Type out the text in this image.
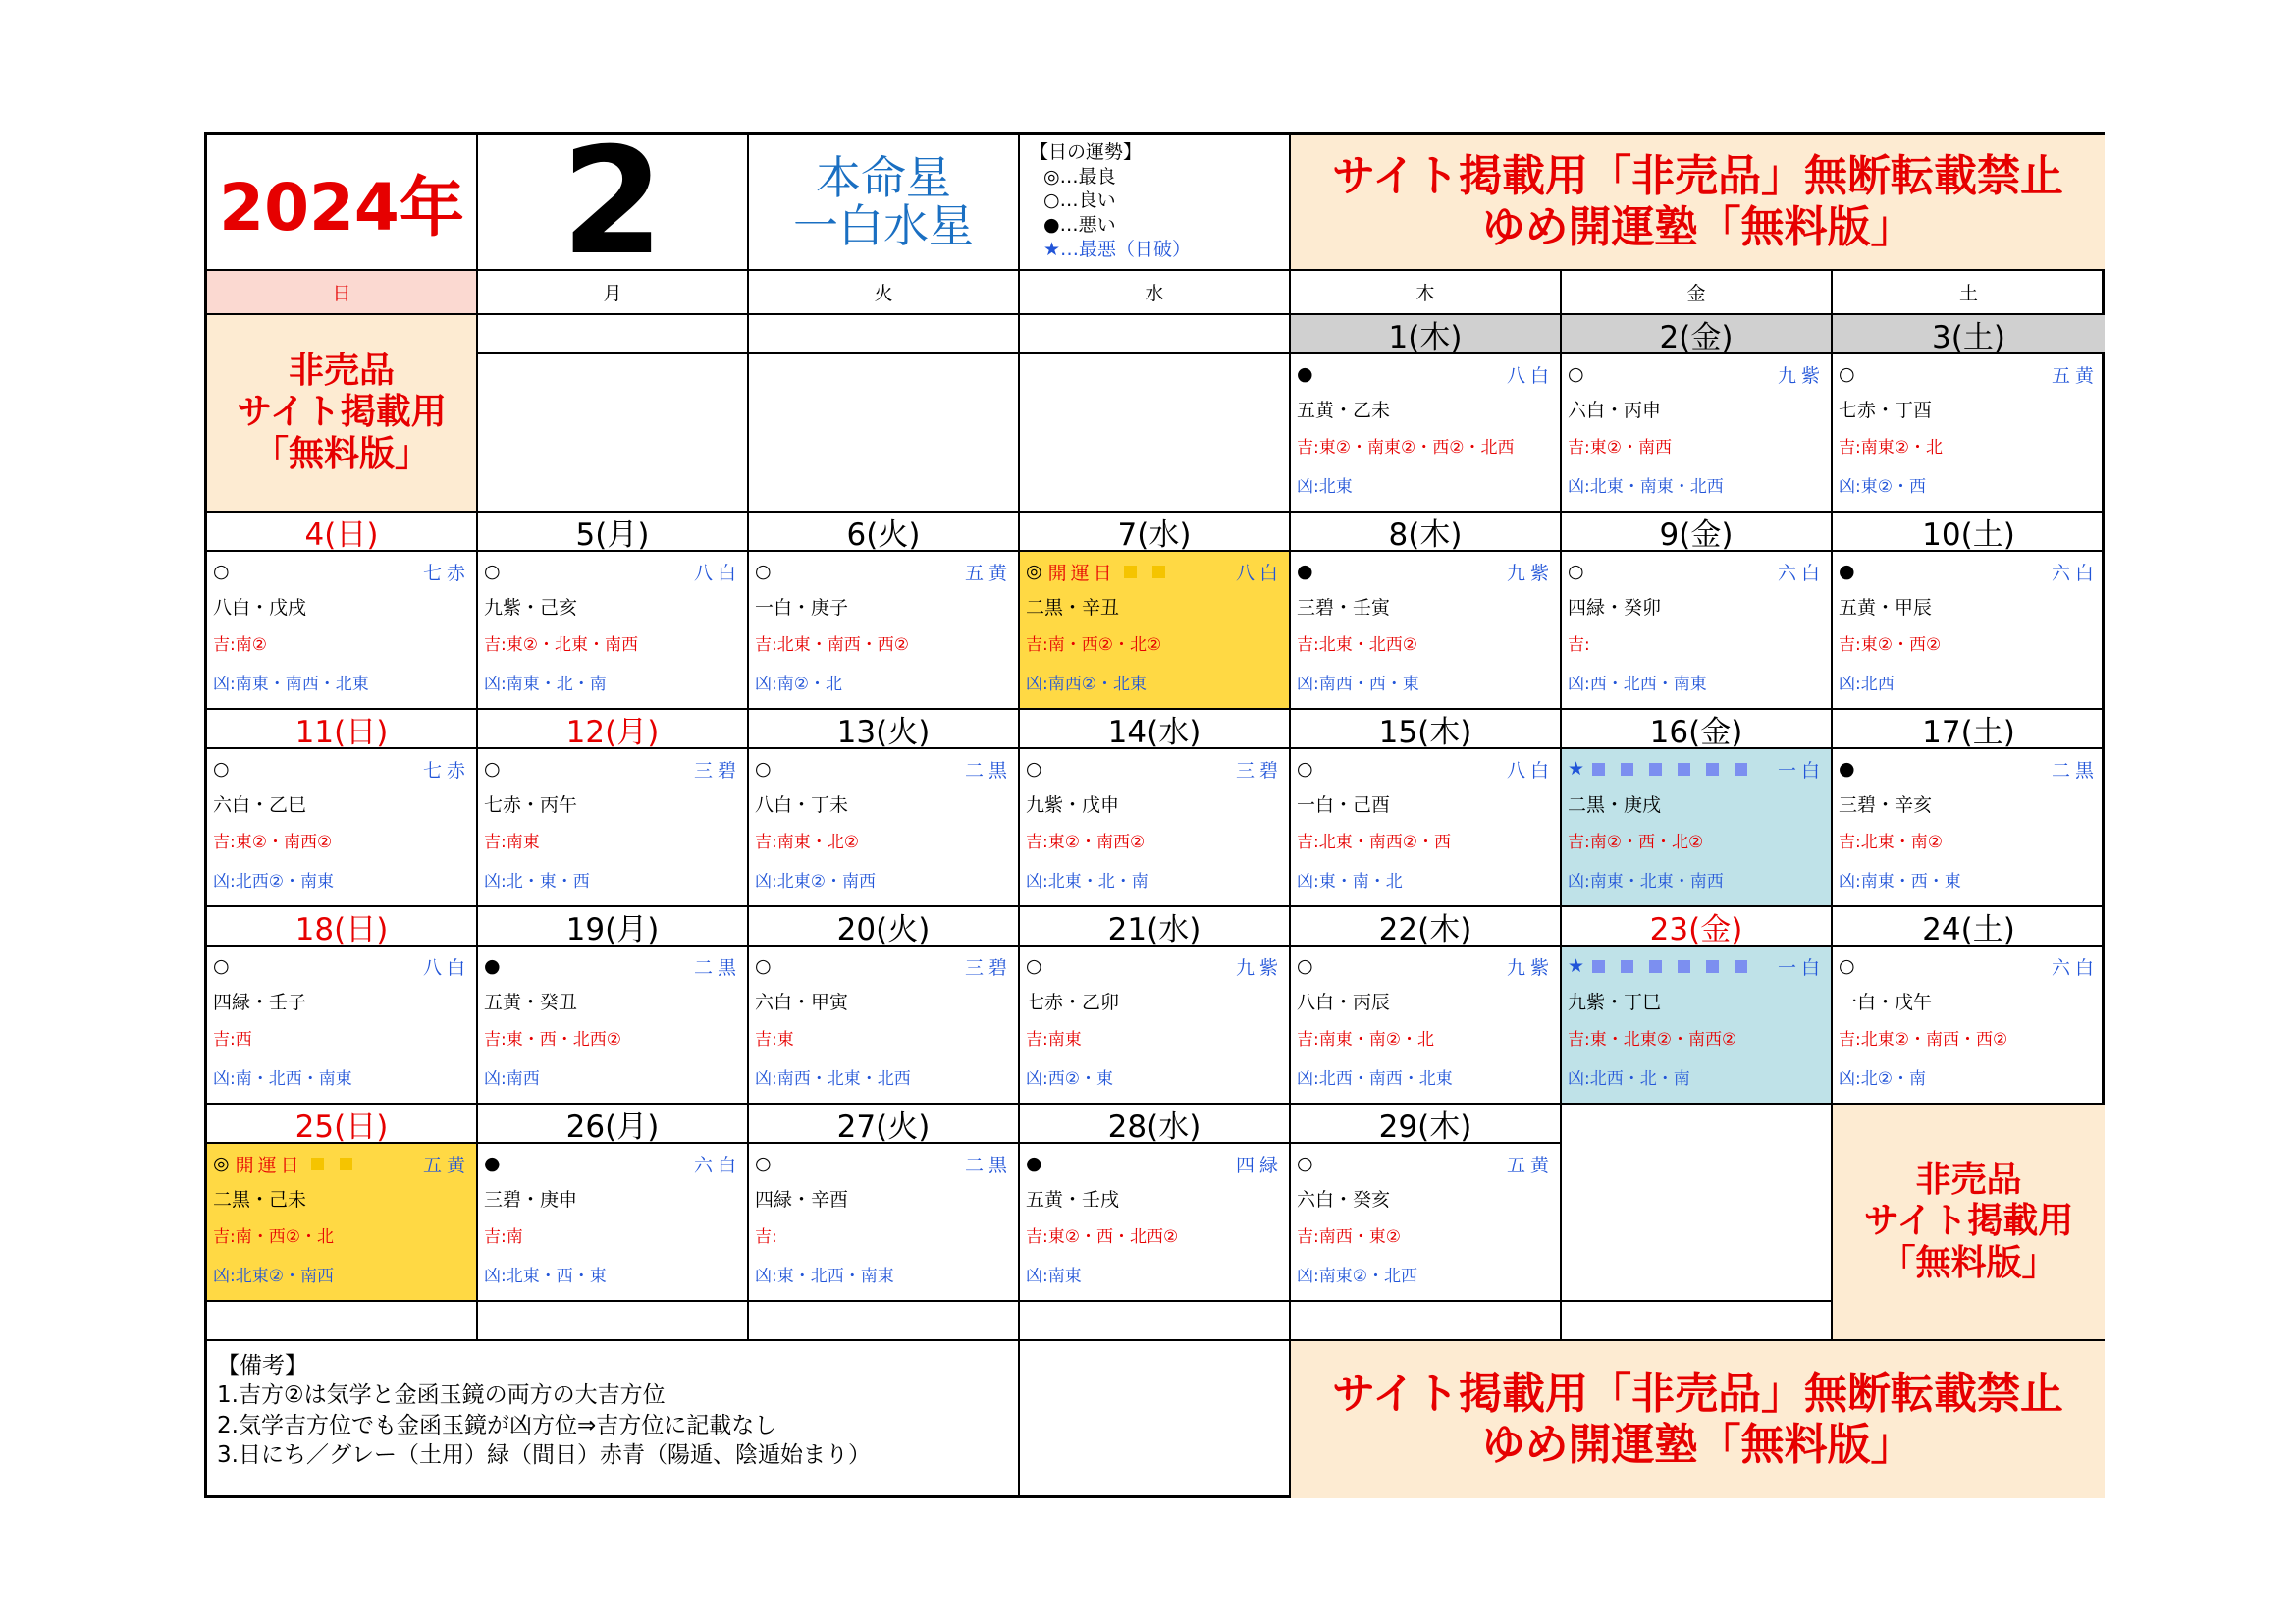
2024年 2	本命星
一白水星
【日の運勢】
◎…最良
○…良い
●…悪い
★…最悪（日破）
サイト掲載用「非売品」無断転載禁止
ゆめ開運塾「無料版」
日	月	火	水	木	金	土
非売品
サイト掲載用
「無料版」
1(木)
●	八白
五黄・乙未
吉:東②・南東②・西②・北西
凶:北東
2(金)
○	九紫
六白・丙申
吉:東②・南西
凶:北東・南東・北西
3(土)
○	五黄
七赤・丁酉
吉:南東②・北
凶:東②・西
4(日)
○	七赤
八白・戊戌
吉:南②
凶:南東・南西・北東
5(月)
○	八白
九紫・己亥
吉:東②・北東・南西
凶:南東・北・南
6(火)
○	五黄
一白・庚子
吉:北東・南西・西②
凶:南②・北
7(水)
◎ 開運日	八白
二黒・辛丑
吉:南・西②・北②
凶:南西②・北東
8(木)
●	九紫
三碧・壬寅
吉:北東・北西②
凶:南西・西・東
9(金)
○	六白
四緑・癸卯
吉:
凶:西・北西・南東
10(土)
●	六白
五黄・甲辰
吉:東②・西②
凶:北西
11(日)
○	七赤
六白・乙巳
吉:東②・南西②
凶:北西②・南東
12(月)
○	三碧
七赤・丙午
吉:南東
凶:北・東・西
13(火)
○	二黒
八白・丁未
吉:南東・北②
凶:北東②・南西
14(水)
○	三碧
九紫・戊申
吉:東②・南西②
凶:北東・北・南
15(木)
○	八白
一白・己酉
吉:北東・南西②・西
凶:東・南・北
16(金)
★	一白
二黒・庚戌
吉:南②・西・北②
凶:南東・北東・南西
17(土)
●	二黒
三碧・辛亥
吉:北東・南②
凶:南東・西・東
18(日)
○	八白
四緑・壬子
吉:西
凶:南・北西・南東
19(月)
●	二黒
五黄・癸丑
吉:東・西・北西②
凶:南西
20(火)
○	三碧
六白・甲寅
吉:東
凶:南西・北東・北西
21(水)
○	九紫
七赤・乙卯
吉:南東
凶:西②・東
22(木)
○	九紫
八白・丙辰
吉:南東・南②・北
凶:北西・南西・北東
23(金)
★	一白
九紫・丁巳
吉:東・北東②・南西②
凶:北西・北・南
24(土)
○	六白
一白・戊午
吉:北東②・南西・西②
凶:北②・南
25(日)
◎ 開運日	五黄
二黒・己未
吉:南・西②・北
凶:北東②・南西
26(月)
●	六白
三碧・庚申
吉:南
凶:北東・西・東
27(火)
○	二黒
四緑・辛酉
吉:
凶:東・北西・南東
28(水)
●	四緑
五黄・壬戌
吉:東②・西・北西②
凶:南東
29(木)
○	五黄
六白・癸亥
吉:南西・東②
凶:南東②・北西
非売品
サイト掲載用
「無料版」
【備考】
1.吉方②は気学と金函玉鏡の両方の大吉方位
2.気学吉方位でも金函玉鏡が凶方位⇒吉方位に記載なし
3.日にち／グレー（土用）緑（間日）赤青（陽遁、陰遁始まり）
サイト掲載用「非売品」無断転載禁止
ゆめ開運塾「無料版」
